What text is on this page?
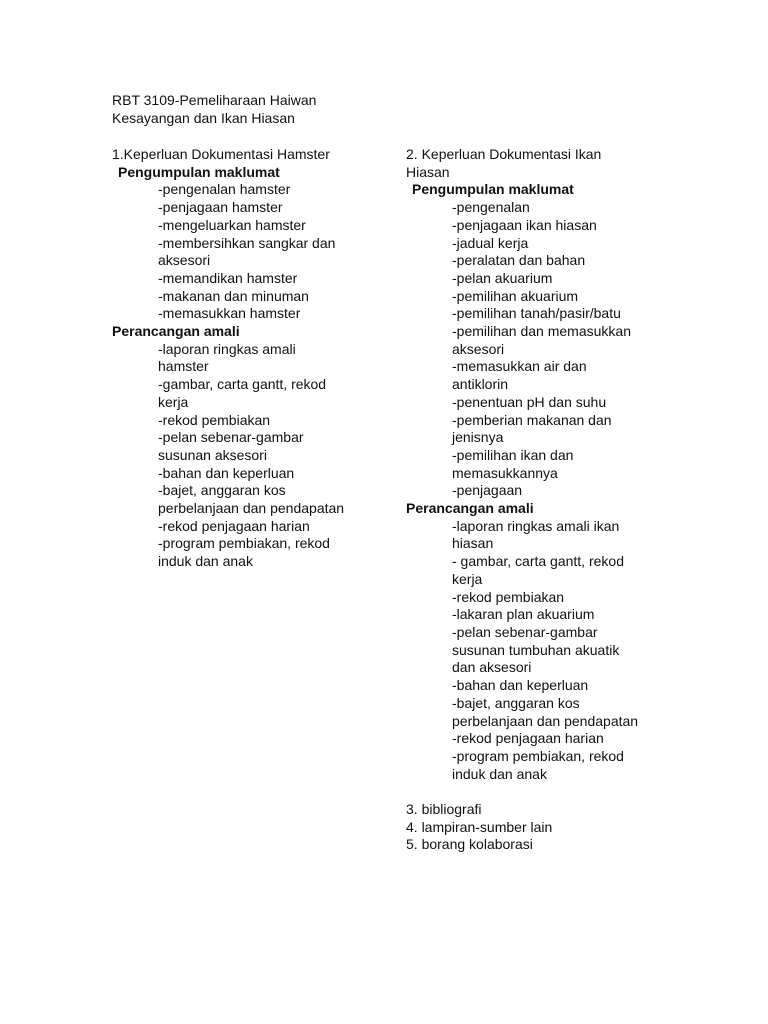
RBT 3109-Pemeliharaan Haiwan
Kesayangan dan Ikan Hiasan
1.Keperluan Dokumentasi Hamster
Pengumpulan maklumat
-pengenalan hamster
-penjagaan hamster
-mengeluarkan hamster
-membersihkan sangkar dan
aksesori
-memandikan hamster
-makanan dan minuman
-memasukkan hamster
Perancangan amali
-laporan ringkas amali
hamster
-gambar, carta gantt, rekod
kerja
-rekod pembiakan
-pelan sebenar-gambar
susunan aksesori
-bahan dan keperluan
-bajet, anggaran kos
perbelanjaan dan pendapatan
-rekod penjagaan harian
-program pembiakan, rekod
induk dan anak
2. Keperluan Dokumentasi Ikan
Hiasan
Pengumpulan maklumat
-pengenalan
-penjagaan ikan hiasan
-jadual kerja
-peralatan dan bahan
-pelan akuarium
-pemilihan akuarium
-pemilihan tanah/pasir/batu
-pemilihan dan memasukkan
aksesori
-memasukkan air dan
antiklorin
-penentuan pH dan suhu
-pemberian makanan dan
jenisnya
-pemilihan ikan dan
memasukkannya
-penjagaan
Perancangan amali
-laporan ringkas amali ikan
hiasan
- gambar, carta gantt, rekod
kerja
-rekod pembiakan
-lakaran plan akuarium
-pelan sebenar-gambar
susunan tumbuhan akuatik
dan aksesori
-bahan dan keperluan
-bajet, anggaran kos
perbelanjaan dan pendapatan
-rekod penjagaan harian
-program pembiakan, rekod
induk dan anak
3. bibliografi
4. lampiran-sumber lain
5. borang kolaborasi
